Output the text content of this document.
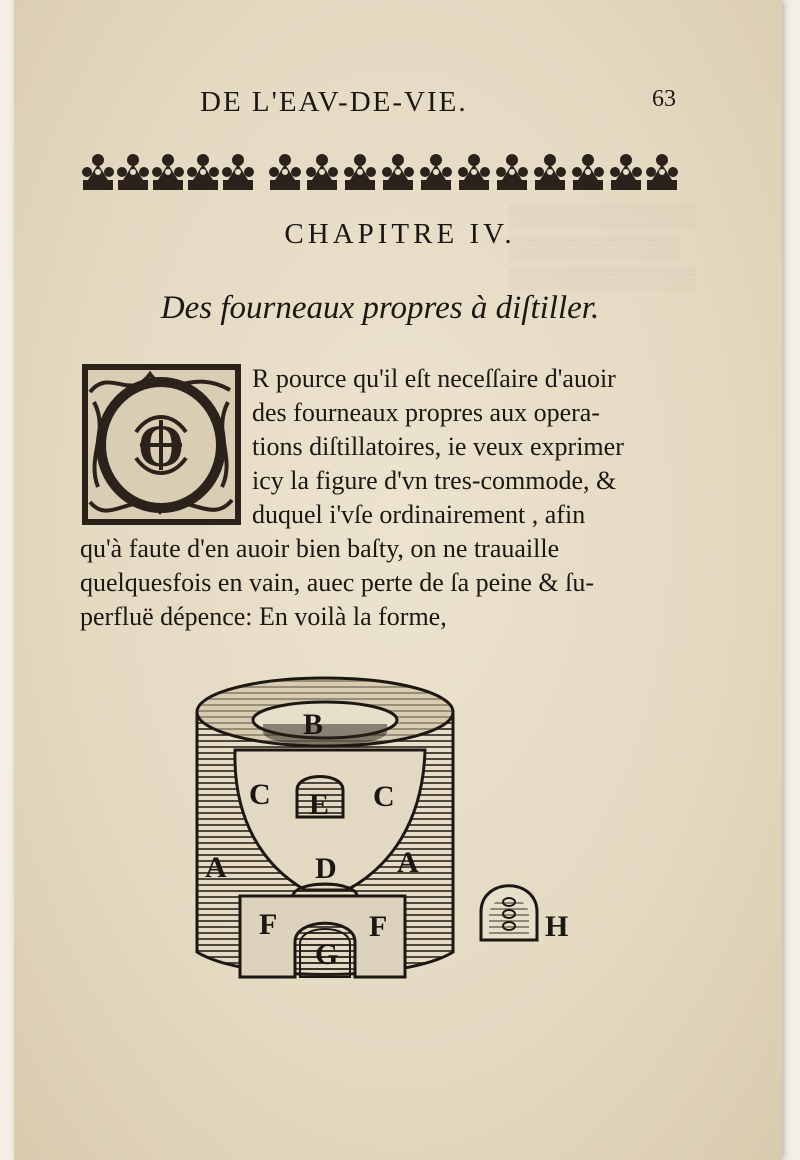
▒▒▒▒▒▒▒▒▒▒▒▒
▒▒▒▒▒▒▒▒▒▒▒
▒▒▒▒▒▒▒▒▒▒▒▒
DE L'EAV-DE-VIE.	63
CHAPITRE IV.
Des fourneaux propres à diſtiller.
O
R pource qu'il eſt neceſſaire d'auoir
des fourneaux propres aux opera-
tions diſtillatoires, ie veux exprimer
icy la figure d'vn tres-commode, &
duquel i'vſe ordinairement , afin
qu'à faute d'en auoir bien baſty, on ne trauaille
quelquesfois en vain, auec perte de ſa peine & ſu-
perfluë dépence: En voilà la forme,
B
C E C
A	D A
F	F
G
H
